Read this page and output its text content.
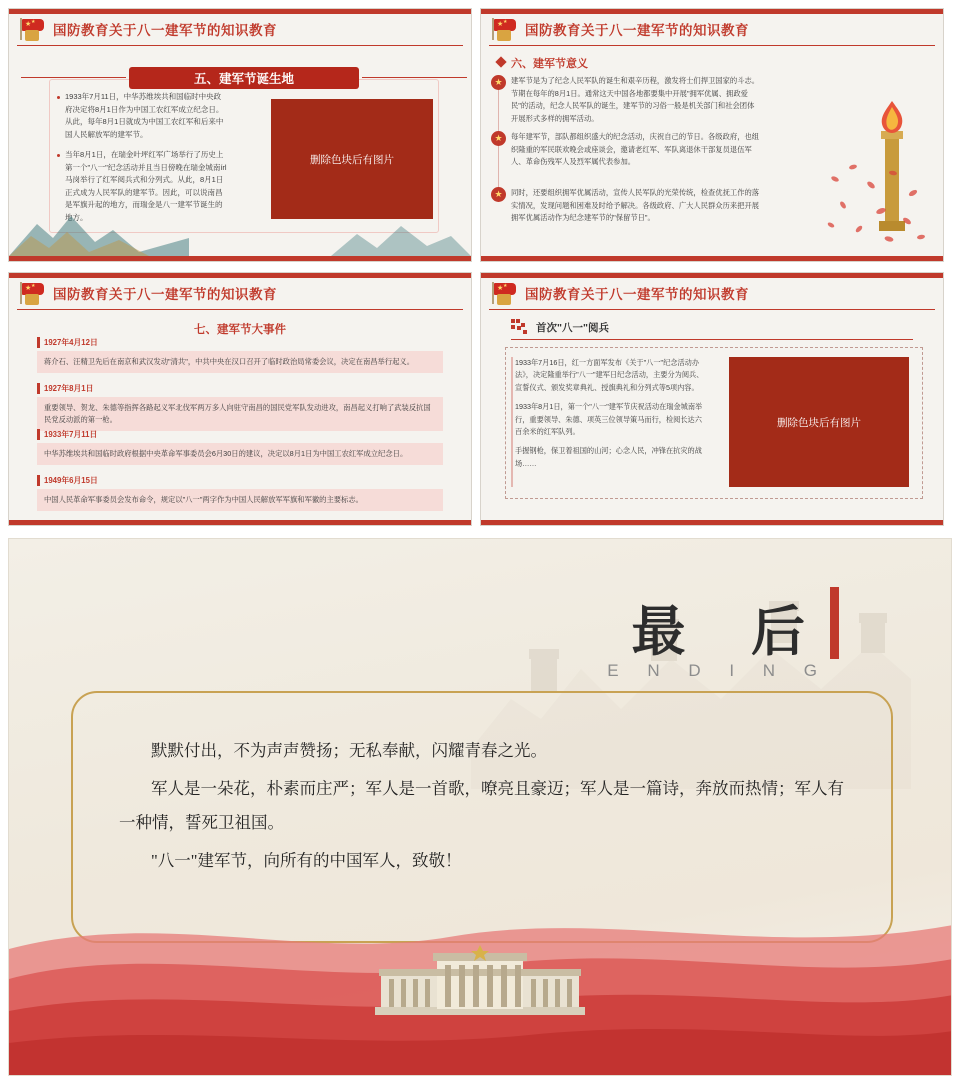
★ ★
国防教育关于八一建军节的知识教育
五、建军节诞生地

1933年7月11日，中华苏维埃共和国临时中央政府决定将8月1日作为中国工农红军成立纪念日。从此，每年8月1日就成为中国工农红军和后来中国人民解放军的建军节。

当年8月1日，在瑞金叶坪红军广场举行了历史上第一个"八一"纪念活动并且当日傍晚在瑞金城南írl马岗举行了红军阅兵式和分列式。从此，8月1日正式成为人民军队的建军节。因此，可以说南昌是军旗升起的地方，而瑞金是八一建军节诞生的地方。

删除色块后有图片
★ ★
国防教育关于八一建军节的知识教育
六、建军节意义
★
★
★
建军节是为了纪念人民军队的诞生和艰辛历程，激发将士们捍卫国家的斗志。节期在每年的8月1日。通常这天中国各地都要集中开展"拥军优属、拥政爱民"的活动，纪念人民军队的诞生，建军节的习俗一般是机关部门和社会团体开展形式多样的拥军活动。
每年建军节，部队都组织盛大的纪念活动，庆祝自己的节日。各级政府，也组织隆重的军民联欢晚会或座谈会，邀请老红军、军队离退休干部复员退伍军人、革命伤残军人及烈军属代表参加。
同时，还要组织拥军优属活动，宣传人民军队的光荣传统，检查优抚工作的落实情况，发现问题和困难及时给予解决。各级政府、广大人民群众历来把开展拥军优属活动作为纪念建军节的"保留节日"。
★ ★
国防教育关于八一建军节的知识教育
七、建军节大事件
1927年4月12日
蒋介石、汪精卫先后在南京和武汉发动"清共"，中共中央在汉口召开了临时政治局常委会议，决定在南昌举行起义。
1927年8月1日
重要领导、贺龙、朱德等指挥各路起义军北伐军两万多人向驻守南昌的国民党军队发动进攻，南昌起义打响了武装反抗国民党反动派的第一枪。
1933年7月11日
中华苏维埃共和国临时政府根据中央革命军事委员会6月30日的建议，决定以8月1日为中国工农红军成立纪念日。
1949年6月15日
中国人民革命军事委员会发布命令，规定以"八一"两字作为中国人民解放军军旗和军徽的主要标志。
★ ★
国防教育关于八一建军节的知识教育
首次"八一"阅兵

1933年7月16日，红一方面军发布《关于"八一"纪念活动办法》，决定隆重举行"八一"建军日纪念活动，主要分为阅兵、宣誓仪式、颁发奖章典礼、授旗典礼和分列式等5项内容。

1933年8月1日，第一个"八一"建军节庆祝活动在瑞金城南举行，重要领导、朱德、项英三位领导策马而行，检阅长达六百余米的红军队列。

手握钢枪，保卫着祖国的山河；心念人民，冲锋在抗灾的战场……

删除色块后有图片
最 后
E N D I N G

默默付出，不为声声赞扬；无私奉献，闪耀青春之光。

军人是一朵花，朴素而庄严；军人是一首歌，嘹亮且豪迈；军人是一篇诗，奔放而热情；军人有一种情，誓死卫祖国。

"八一"建军节，向所有的中国军人，致敬！
